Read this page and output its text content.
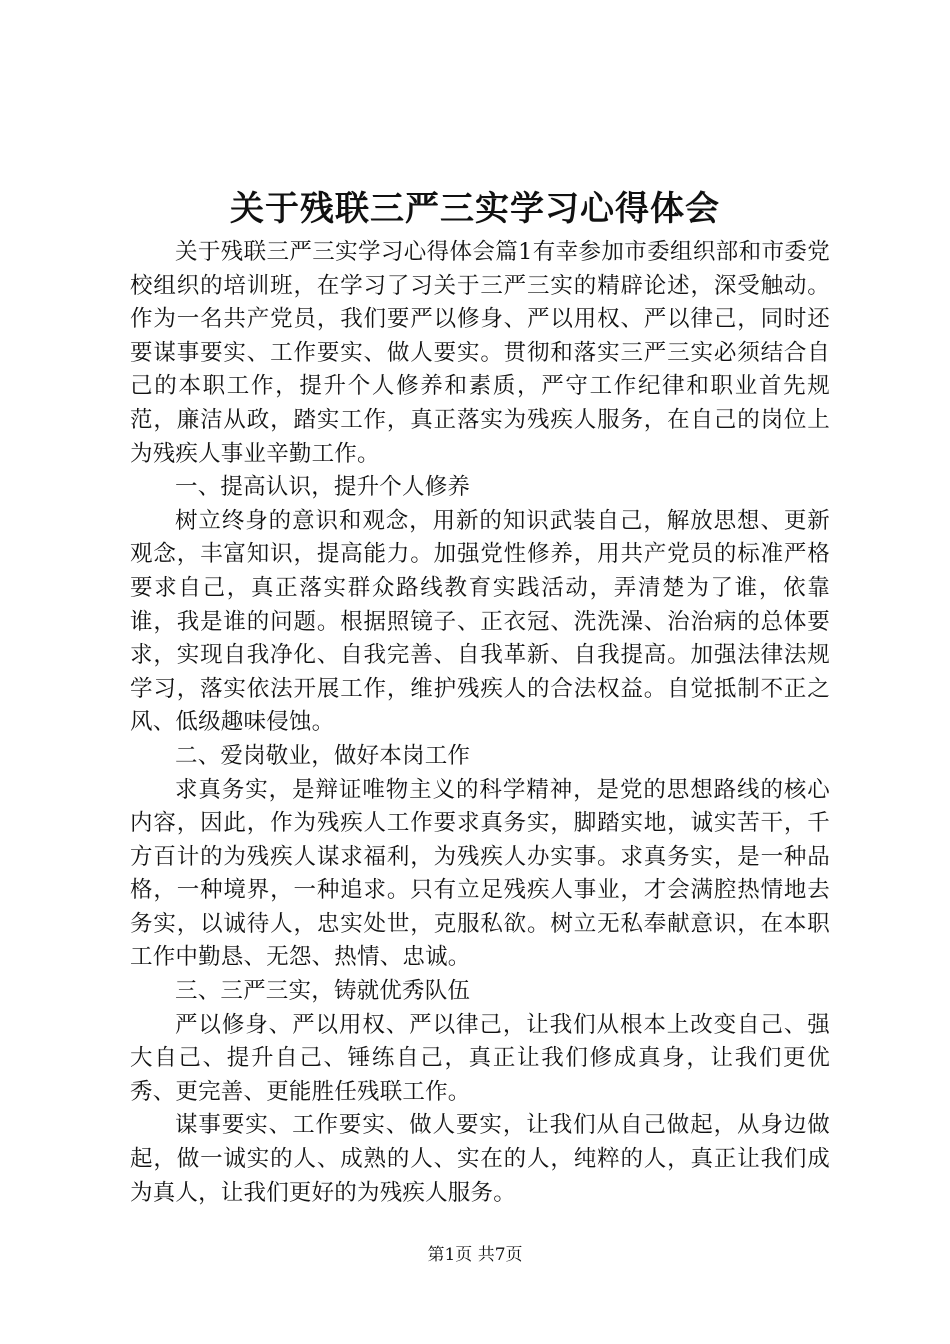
关于残联三严三实学习心得体会

关于残联三严三实学习心得体会篇1有幸参加市委组织部和市委党校组织的培训班，在学习了习关于三严三实的精辟论述，深受触动。作为一名共产党员，我们要严以修身、严以用权、严以律己，同时还要谋事要实、工作要实、做人要实。贯彻和落实三严三实必须结合自己的本职工作，提升个人修养和素质，严守工作纪律和职业首先规范，廉洁从政，踏实工作，真正落实为残疾人服务，在自己的岗位上为残疾人事业辛勤工作。

一、提高认识，提升个人修养

树立终身的意识和观念，用新的知识武装自己，解放思想、更新观念，丰富知识，提高能力。加强党性修养，用共产党员的标准严格要求自己，真正落实群众路线教育实践活动，弄清楚为了谁，依靠谁，我是谁的问题。根据照镜子、正衣冠、洗洗澡、治治病的总体要求，实现自我净化、自我完善、自我革新、自我提高。加强法律法规学习，落实依法开展工作，维护残疾人的合法权益。自觉抵制不正之风、低级趣味侵蚀。

二、爱岗敬业，做好本岗工作

求真务实，是辩证唯物主义的科学精神，是党的思想路线的核心内容，因此，作为残疾人工作要求真务实，脚踏实地，诚实苦干，千方百计的为残疾人谋求福利，为残疾人办实事。求真务实，是一种品格，一种境界，一种追求。只有立足残疾人事业，才会满腔热情地去务实，以诚待人，忠实处世，克服私欲。树立无私奉献意识，在本职工作中勤恳、无怨、热情、忠诚。

三、三严三实，铸就优秀队伍

严以修身、严以用权、严以律己，让我们从根本上改变自己、强大自己、提升自己、锤练自己，真正让我们修成真身，让我们更优秀、更完善、更能胜任残联工作。

谋事要实、工作要实、做人要实，让我们从自己做起，从身边做起，做一诚实的人、成熟的人、实在的人，纯粹的人，真正让我们成为真人，让我们更好的为残疾人服务。

第1页 共7页
